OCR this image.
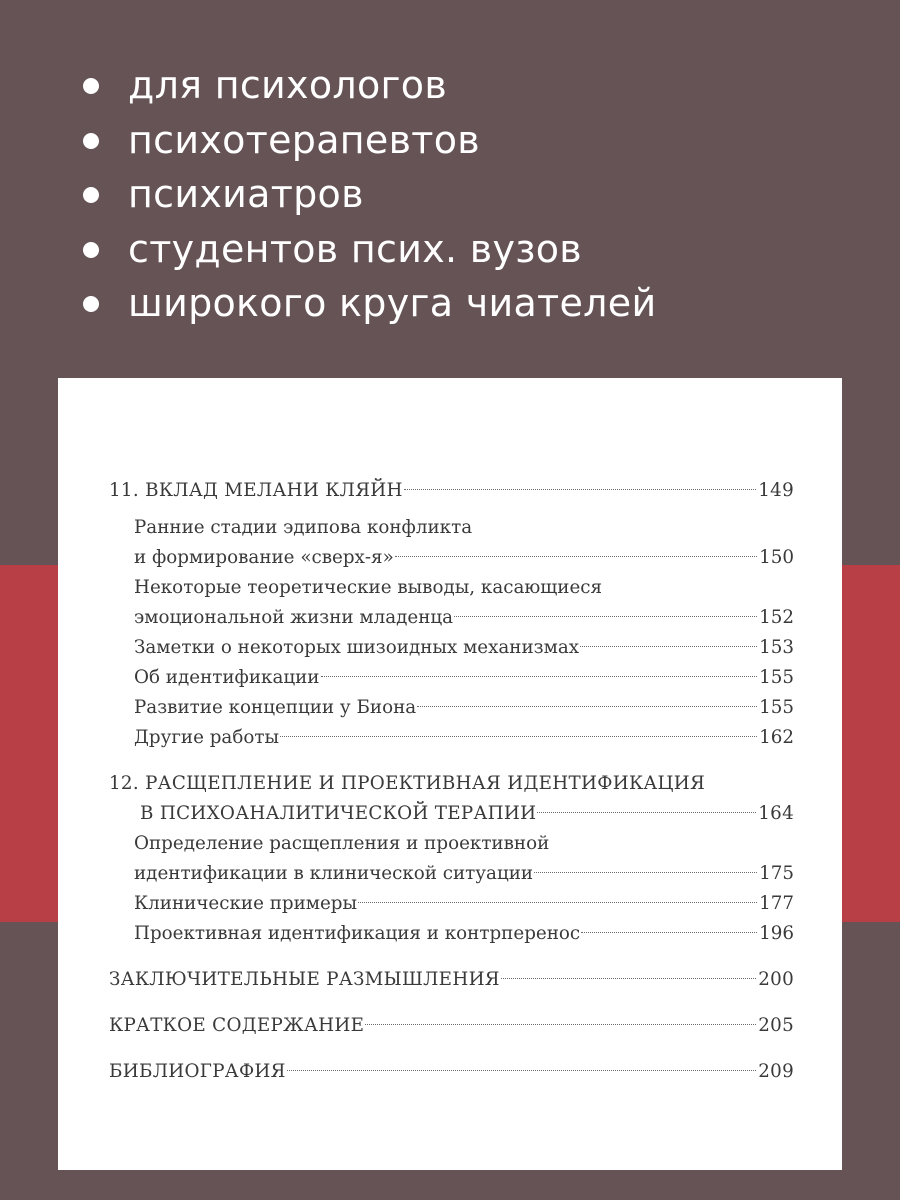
для психологов
психотерапевтов
психиатров
студентов псих. вузов
широкого круга чиателей
11. ВКЛАД МЕЛАНИ КЛЯЙН	149
Ранние стадии эдипова конфликта
и формирование «сверх-я»	150
Некоторые теоретические выводы, касающиеся
эмоциональной жизни младенца	152
Заметки о некоторых шизоидных механизмах	153
Об идентификации	155
Развитие концепции у Биона	155
Другие работы	162
12. РАСЩЕПЛЕНИЕ И ПРОЕКТИВНАЯ ИДЕНТИФИКАЦИЯ
В ПСИХОАНАЛИТИЧЕСКОЙ ТЕРАПИИ	164
Определение расщепления и проективной
идентификации в клинической ситуации	175
Клинические примеры	177
Проективная идентификация и контрперенос	196
ЗАКЛЮЧИТЕЛЬНЫЕ РАЗМЫШЛЕНИЯ	200
КРАТКОЕ СОДЕРЖАНИЕ	205
БИБЛИОГРАФИЯ	209
